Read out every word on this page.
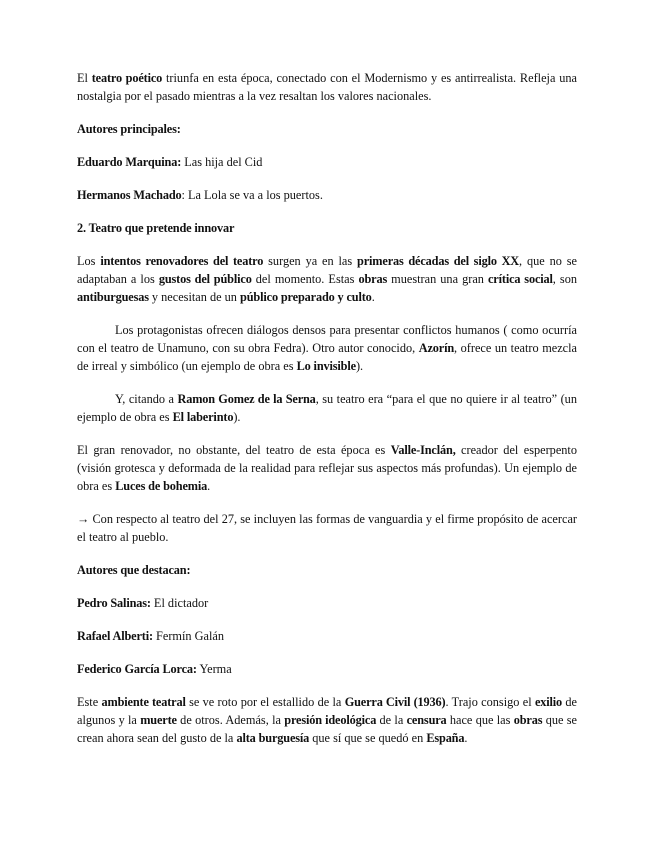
El teatro poético triunfa en esta época, conectado con el Modernismo y es antirrealista. Refleja una nostalgia por el pasado mientras a la vez resaltan los valores nacionales.

Autores principales:

Eduardo Marquina: Las hija del Cid

Hermanos Machado: La Lola se va a los puertos.

2. Teatro que pretende innovar

Los intentos renovadores del teatro surgen ya en las primeras décadas del siglo XX, que no se adaptaban a los gustos del público del momento. Estas obras muestran una gran crítica social, son antiburguesas y necesitan de un público preparado y culto.

Los protagonistas ofrecen diálogos densos para presentar conflictos humanos ( como ocurría con el teatro de Unamuno, con su obra Fedra). Otro autor conocido, Azorín, ofrece un teatro mezcla de irreal y simbólico (un ejemplo de obra es Lo invisible).

Y, citando a Ramon Gomez de la Serna, su teatro era “para el que no quiere ir al teatro” (un ejemplo de obra es El laberinto).

El gran renovador, no obstante, del teatro de esta época es Valle-Inclán, creador del esperpento (visión grotesca y deformada de la realidad para reflejar sus aspectos más profundas). Un ejemplo de obra es Luces de bohemia.

→ Con respecto al teatro del 27, se incluyen las formas de vanguardia y el firme propósito de acercar el teatro al pueblo.

Autores que destacan:

Pedro Salinas: El dictador

Rafael Alberti: Fermín Galán

Federico García Lorca: Yerma

Este ambiente teatral se ve roto por el estallido de la Guerra Civil (1936). Trajo consigo el exilio de algunos y la muerte de otros. Además, la presión ideológica de la censura hace que las obras que se crean ahora sean del gusto de la alta burguesía que sí que se quedó en España.
